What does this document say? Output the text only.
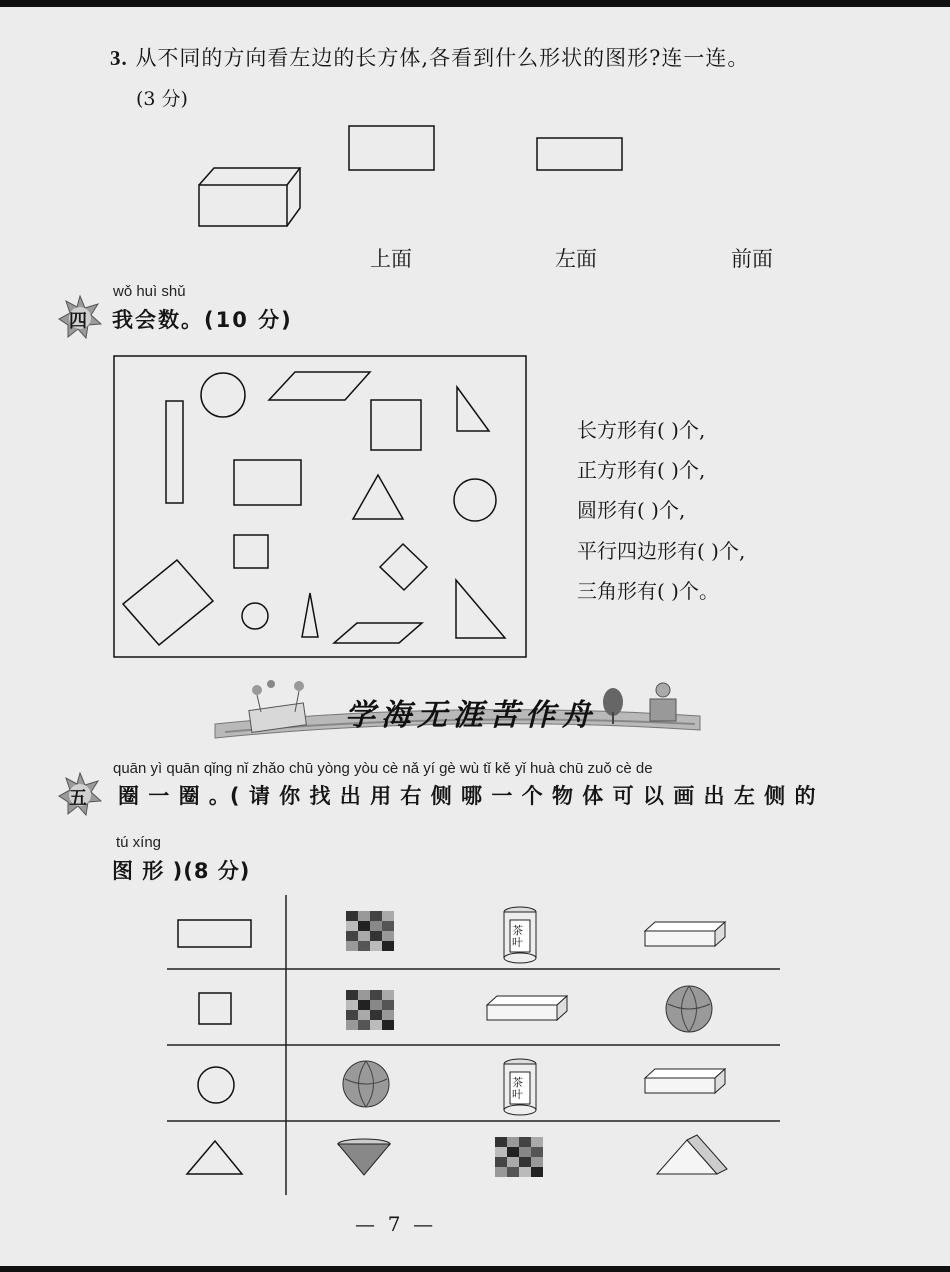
3. 从不同的方向看左边的长方体,各看到什么形状的图形?连一连。
(3 分)
上面	左面	前面
四
wǒ huì shǔ
我会数。(10 分)
长方形有( )个,
正方形有( )个,
圆形有( )个,
平行四边形有( )个,
三角形有( )个。
学海无涯苦作舟
五
quān yì quān qǐng nǐ zhǎo chū yòng yòu cè nǎ yí gè wù tǐ kě yǐ huà chū zuǒ cè de
圈 一 圈 。( 请 你 找 出 用 右 侧 哪 一 个 物 体 可 以 画 出 左 侧 的
tú xíng
图 形 )(8 分)
茶叶
茶叶
—  7  —
